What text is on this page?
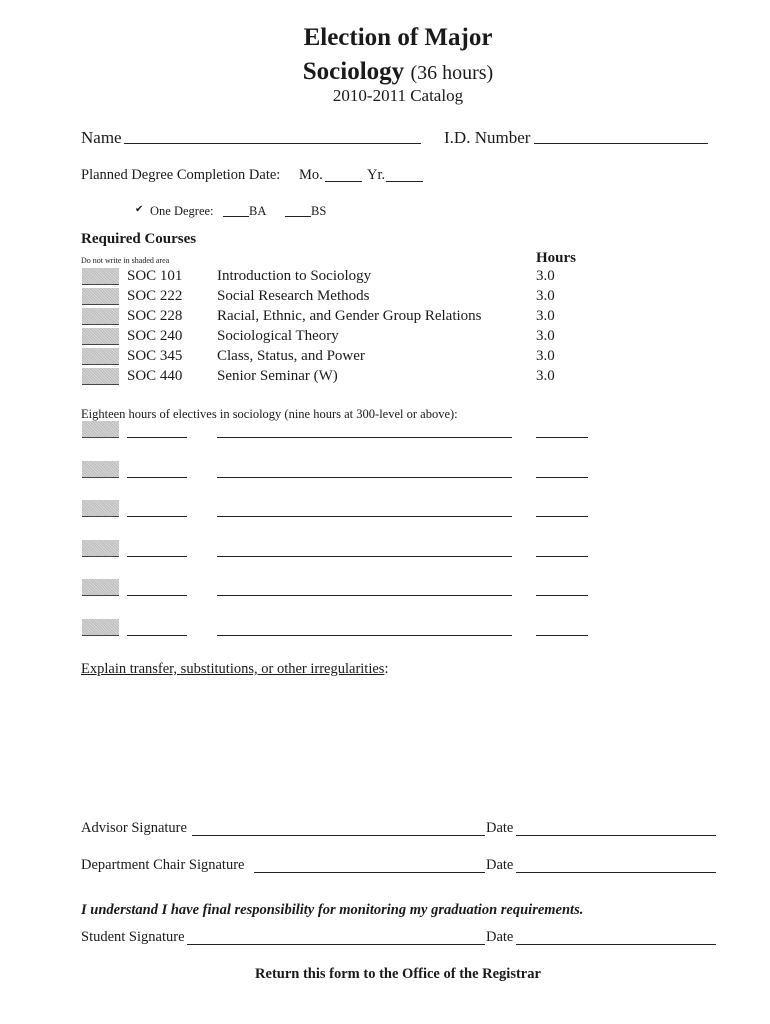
Election of Major
Sociology (36 hours)
2010-2011 Catalog
Name	I.D. Number
Planned Degree Completion Date: Mo.	Yr.
✔ One Degree:	BA	BS
Required Courses
Do not write in shaded area	Hours
SOC 101 Introduction to Sociology	3.0
SOC 222 Social Research Methods	3.0
SOC 228 Racial, Ethnic, and Gender Group Relations	3.0
SOC 240 Sociological Theory	3.0
SOC 345 Class, Status, and Power	3.0
SOC 440 Senior Seminar (W)	3.0
Eighteen hours of electives in sociology (nine hours at 300-level or above):
Explain transfer, substitutions, or other irregularities:
Advisor Signature	Date
Department Chair Signature	Date
I understand I have final responsibility for monitoring my graduation requirements.
Student Signature	Date
Return this form to the Office of the Registrar
